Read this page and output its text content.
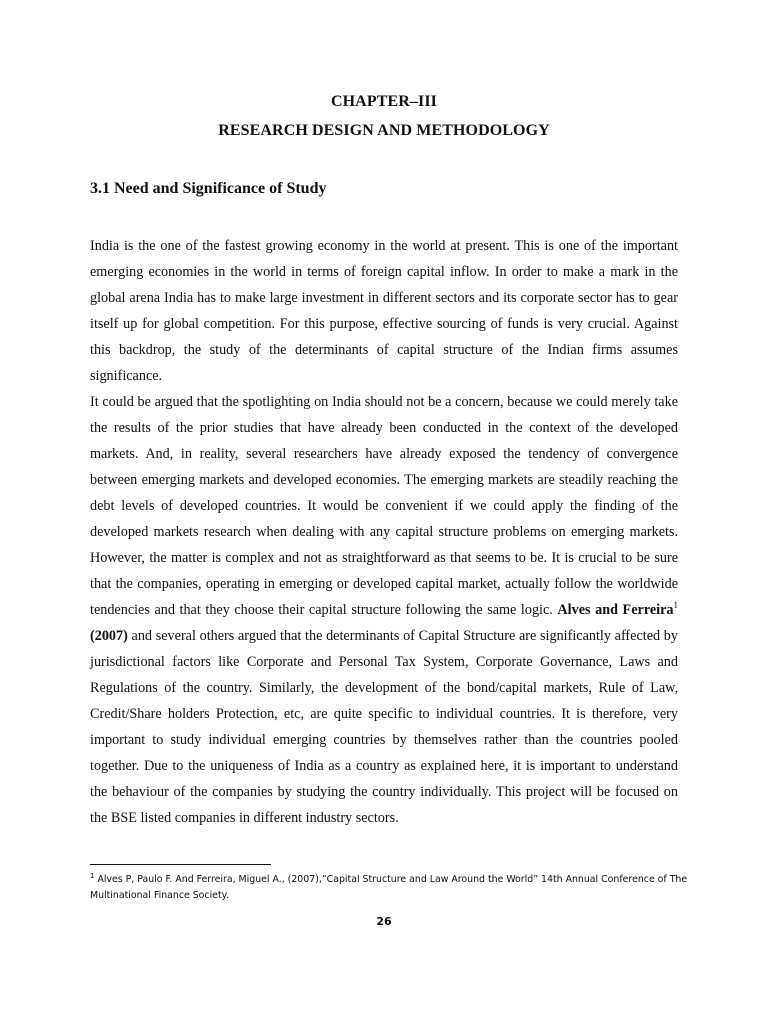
CHAPTER–III
RESEARCH DESIGN AND METHODOLOGY
3.1 Need and Significance of Study

India is the one of the fastest growing economy in the world at present. This is one of the important emerging economies in the world in terms of foreign capital inflow. In order to make a mark in the global arena India has to make large investment in different sectors and its corporate sector has to gear itself up for global competition. For this purpose, effective sourcing of funds is very crucial. Against this backdrop, the study of the determinants of capital structure of the Indian firms assumes significance.

It could be argued that the spotlighting on India should not be a concern, because we could merely take the results of the prior studies that have already been conducted in the context of the developed markets. And, in reality, several researchers have already exposed the tendency of convergence between emerging markets and developed economies. The emerging markets are steadily reaching the debt levels of developed countries. It would be convenient if we could apply the finding of the developed markets research when dealing with any capital structure problems on emerging markets. However, the matter is complex and not as straightforward as that seems to be. It is crucial to be sure that the companies, operating in emerging or developed capital market, actually follow the worldwide tendencies and that they choose their capital structure following the same logic. Alves and Ferreira$^1$ (2007) and several others argued that the determinants of Capital Structure are significantly affected by jurisdictional factors like Corporate and Personal Tax System, Corporate Governance, Laws and Regulations of the country. Similarly, the development of the bond/capital markets, Rule of Law, Credit/Share holders Protection, etc, are quite specific to individual countries. It is therefore, very important to study individual emerging countries by themselves rather than the countries pooled together. Due to the uniqueness of India as a country as explained here, it is important to understand the behaviour of the companies by studying the country individually. This project will be focused on the BSE listed companies in different industry sectors.

$^1$ Alves P, Paulo F. And Ferreira, Miguel A., (2007),”Capital Structure and Law Around the World” 14th Annual Conference of The Multinational Finance Society.
26
